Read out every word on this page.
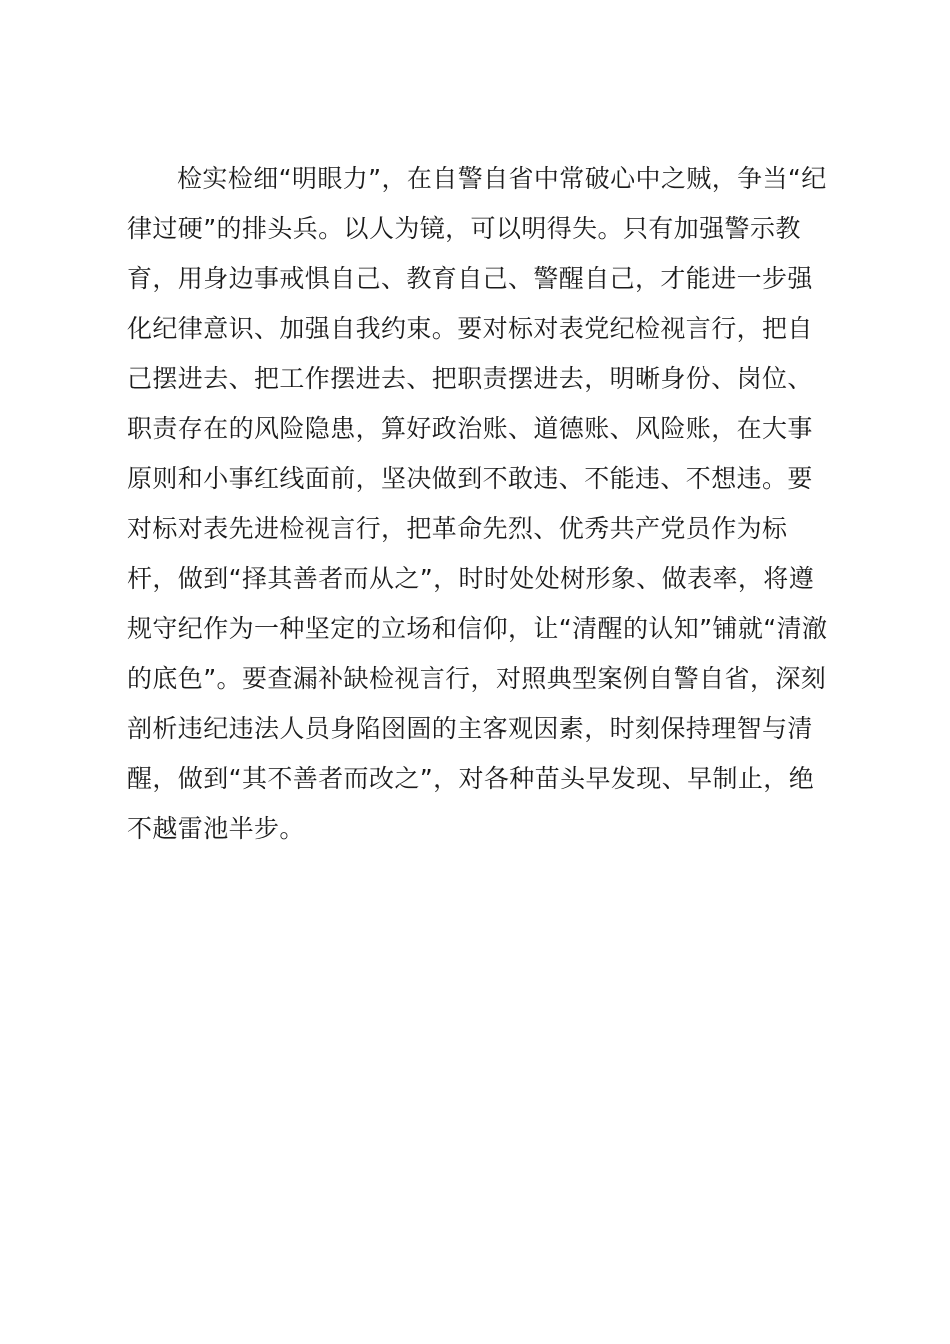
检实检细“明眼力”，在自警自省中常破心中之贼，争当“纪
律过硬”的排头兵。以人为镜，可以明得失。只有加强警示教
育，用身边事戒惧自己、教育自己、警醒自己，才能进一步强
化纪律意识、加强自我约束。要对标对表党纪检视言行，把自
己摆进去、把工作摆进去、把职责摆进去，明晰身份、岗位、
职责存在的风险隐患，算好政治账、道德账、风险账，在大事
原则和小事红线面前，坚决做到不敢违、不能违、不想违。要
对标对表先进检视言行，把革命先烈、优秀共产党员作为标
杆，做到“择其善者而从之”，时时处处树形象、做表率，将遵
规守纪作为一种坚定的立场和信仰，让“清醒的认知”铺就“清澈
的底色”。要查漏补缺检视言行，对照典型案例自警自省，深刻
剖析违纪违法人员身陷囹圄的主客观因素，时刻保持理智与清
醒，做到“其不善者而改之”，对各种苗头早发现、早制止，绝
不越雷池半步。
